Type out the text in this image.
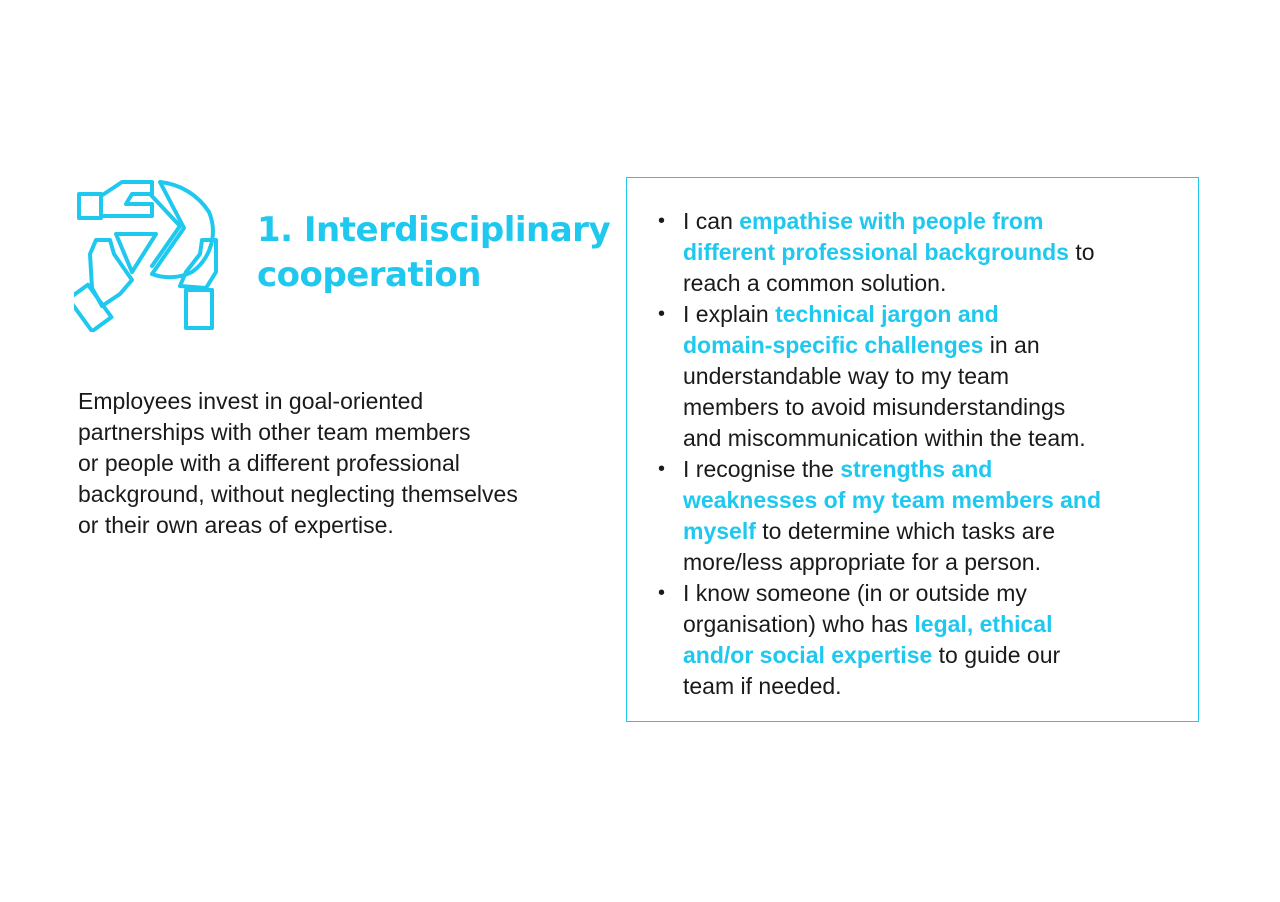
1. Interdisciplinary
cooperation
Employees invest in goal-oriented
partnerships with other team members
or people with a different professional
background, without neglecting themselves
or their own areas of expertise.
• I can empathise with people from
different professional backgrounds to
reach a common solution.
• I explain technical jargon and
domain-specific challenges in an
understandable way to my team
members to avoid misunderstandings
and miscommunication within the team.
• I recognise the strengths and
weaknesses of my team members and
myself to determine which tasks are
more/less appropriate for a person.
• I know someone (in or outside my
organisation) who has legal, ethical
and/or social expertise to guide our
team if needed.
